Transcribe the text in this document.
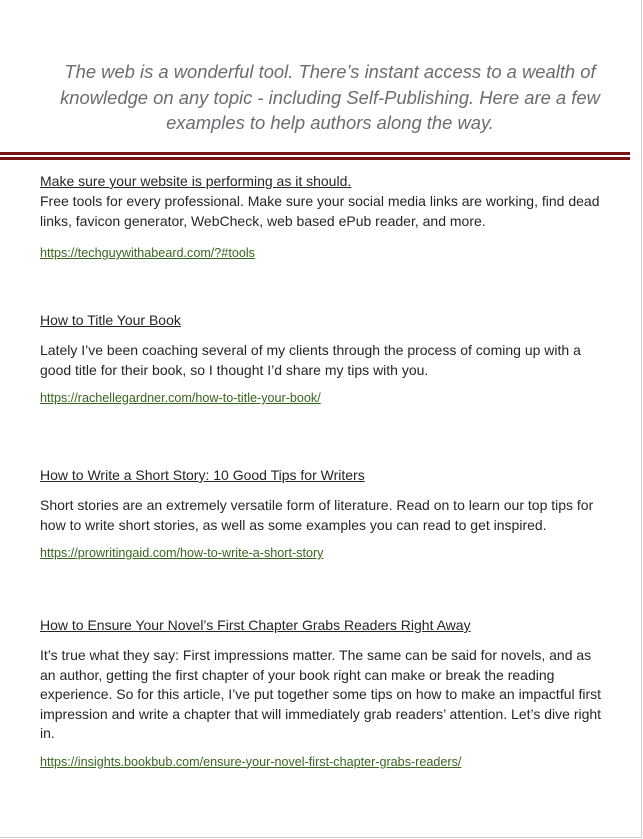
The web is a wonderful tool. There’s instant access to a wealth of knowledge on any topic - including Self-Publishing. Here are a few examples to help authors along the way.

Make sure your website is performing as it should.

Free tools for every professional. Make sure your social media links are working, find dead links, favicon generator, WebCheck, web based ePub reader, and more.

https://techguywithabeard.com/?#tools
How to Title Your Book

Lately I’ve been coaching several of my clients through the process of coming up with a good title for their book, so I thought I’d share my tips with you.

https://rachellegardner.com/how-to-title-your-book/
How to Write a Short Story: 10 Good Tips for Writers

Short stories are an extremely versatile form of literature. Read on to learn our top tips for how to write short stories, as well as some examples you can read to get inspired.

https://prowritingaid.com/how-to-write-a-short-story
How to Ensure Your Novel’s First Chapter Grabs Readers Right Away

It’s true what they say: First impressions matter. The same can be said for novels, and as an author, getting the first chapter of your book right can make or break the reading experience. So for this article, I’ve put together some tips on how to make an impactful first impression and write a chapter that will immediately grab readers’ attention. Let’s dive right in.

https://insights.bookbub.com/ensure-your-novel-first-chapter-grabs-readers/
